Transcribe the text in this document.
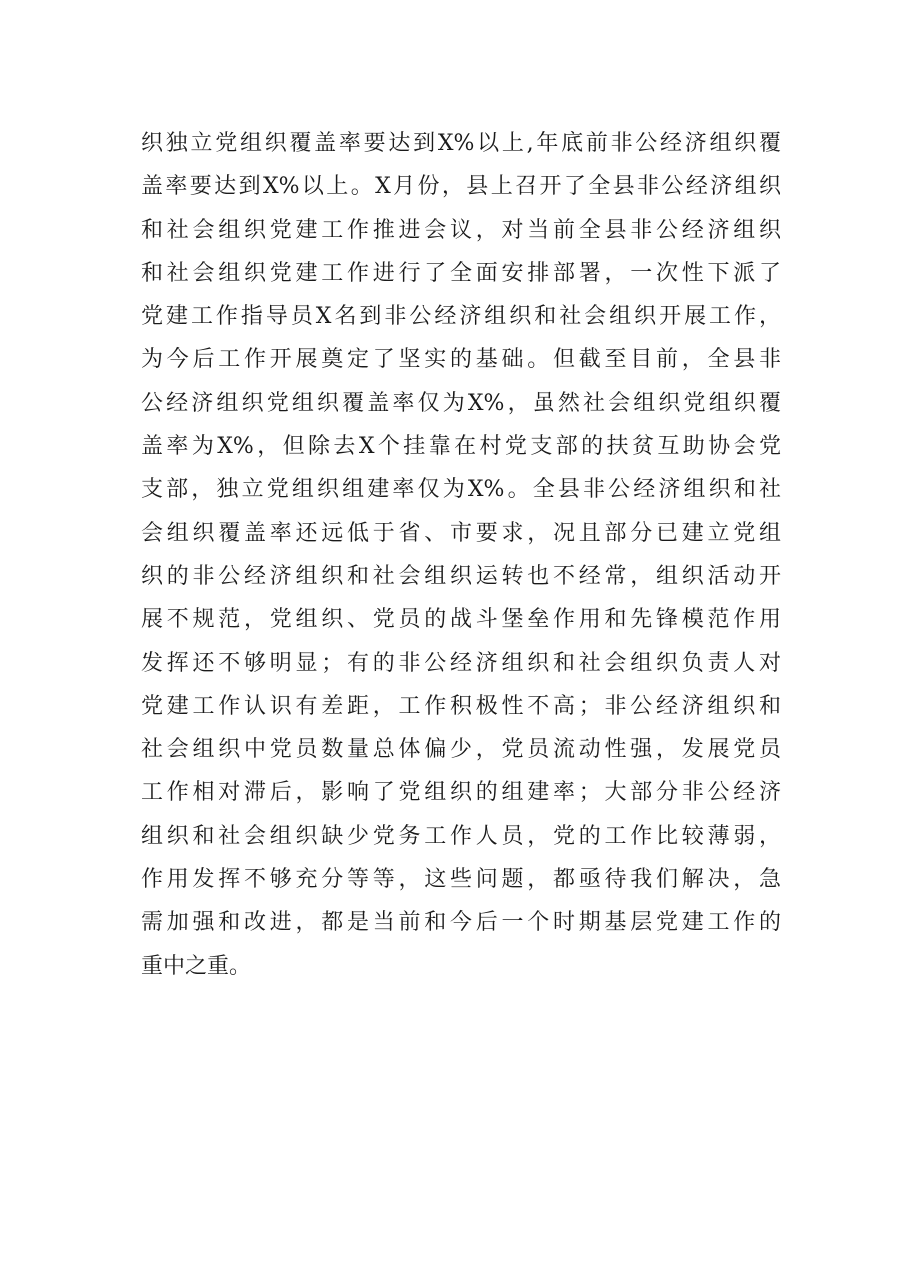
织独立党组织覆盖率要达到X%以上,年底前非公经济组织覆
盖率要达到X%以上。X月份，县上召开了全县非公经济组织
和社会组织党建工作推进会议，对当前全县非公经济组织
和社会组织党建工作进行了全面安排部署，一次性下派了
党建工作指导员X名到非公经济组织和社会组织开展工作，
为今后工作开展奠定了坚实的基础。但截至目前，全县非
公经济组织党组织覆盖率仅为X%，虽然社会组织党组织覆
盖率为X%，但除去X个挂靠在村党支部的扶贫互助协会党
支部，独立党组织组建率仅为X%。全县非公经济组织和社
会组织覆盖率还远低于省、市要求，况且部分已建立党组
织的非公经济组织和社会组织运转也不经常，组织活动开
展不规范，党组织、党员的战斗堡垒作用和先锋模范作用
发挥还不够明显；有的非公经济组织和社会组织负责人对
党建工作认识有差距，工作积极性不高；非公经济组织和
社会组织中党员数量总体偏少，党员流动性强，发展党员
工作相对滞后，影响了党组织的组建率；大部分非公经济
组织和社会组织缺少党务工作人员，党的工作比较薄弱，
作用发挥不够充分等等，这些问题，都亟待我们解决，急
需加强和改进，都是当前和今后一个时期基层党建工作的
重中之重。
